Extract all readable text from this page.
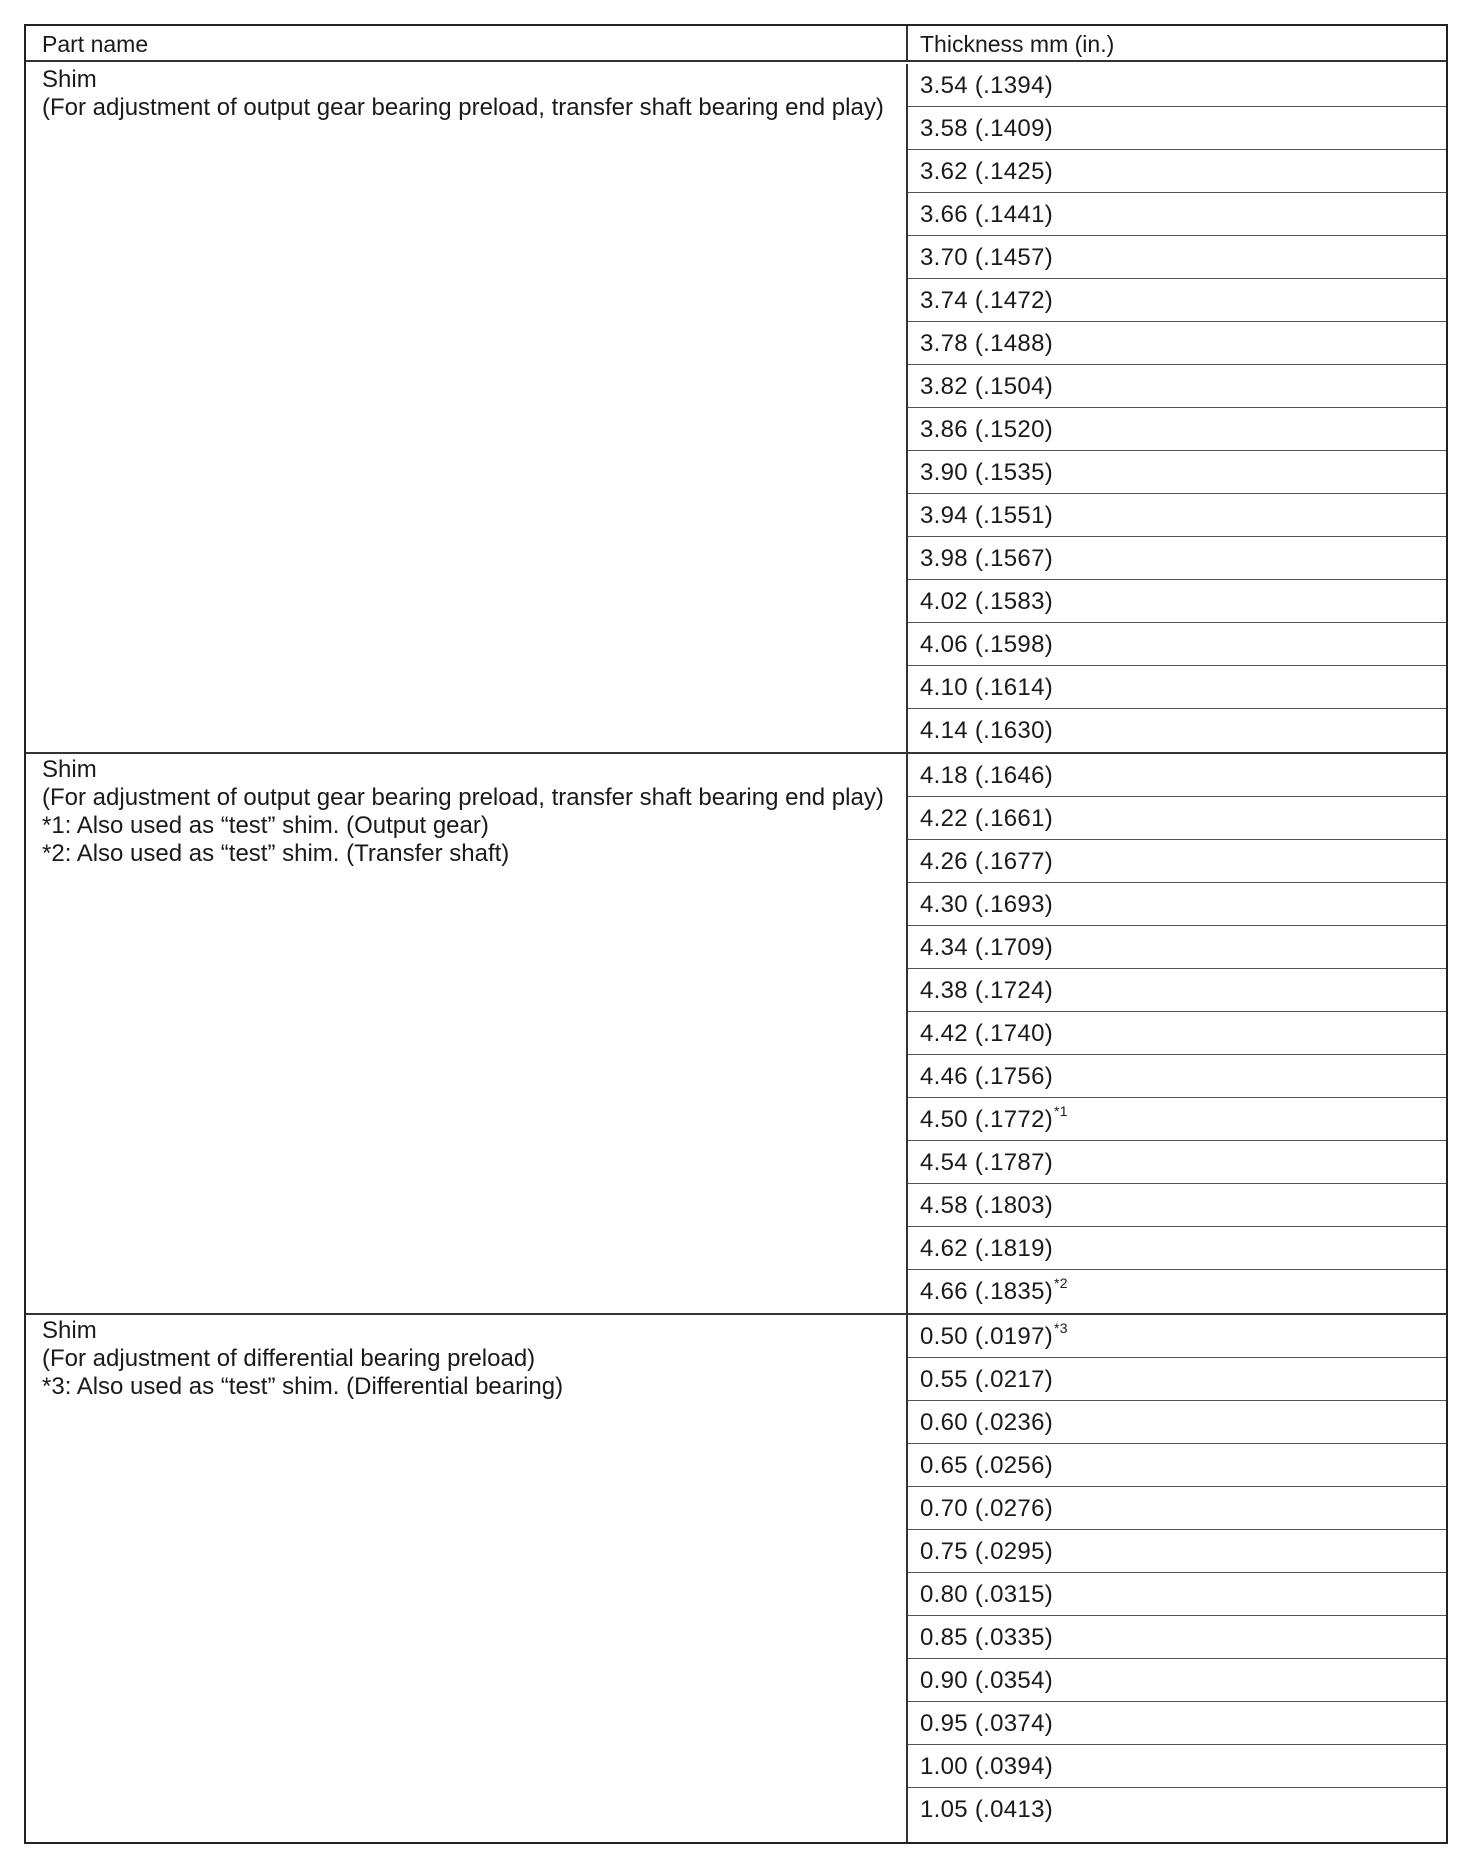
Part name	Thickness mm (in.)
Shim
(For adjustment of output gear bearing preload, transfer shaft bearing end play)
3.54 (.1394)
3.58 (.1409)
3.62 (.1425)
3.66 (.1441)
3.70 (.1457)
3.74 (.1472)
3.78 (.1488)
3.82 (.1504)
3.86 (.1520)
3.90 (.1535)
3.94 (.1551)
3.98 (.1567)
4.02 (.1583)
4.06 (.1598)
4.10 (.1614)
4.14 (.1630)
Shim
(For adjustment of output gear bearing preload, transfer shaft bearing end play)
*1: Also used as “test” shim. (Output gear)
*2: Also used as “test” shim. (Transfer shaft)
4.18 (.1646)
4.22 (.1661)
4.26 (.1677)
4.30 (.1693)
4.34 (.1709)
4.38 (.1724)
4.42 (.1740)
4.46 (.1756)
4.50 $(.1772)^{*1}$
4.54 (.1787)
4.58 (.1803)
4.62 (.1819)
4.66 $(.1835)^{*2}$
Shim
(For adjustment of differential bearing preload)
*3: Also used as “test” shim. (Differential bearing)
0.50 $(.0197)^{*3}$
0.55 (.0217)
0.60 (.0236)
0.65 (.0256)
0.70 (.0276)
0.75 (.0295)
0.80 (.0315)
0.85 (.0335)
0.90 (.0354)
0.95 (.0374)
1.00 (.0394)
1.05 (.0413)
